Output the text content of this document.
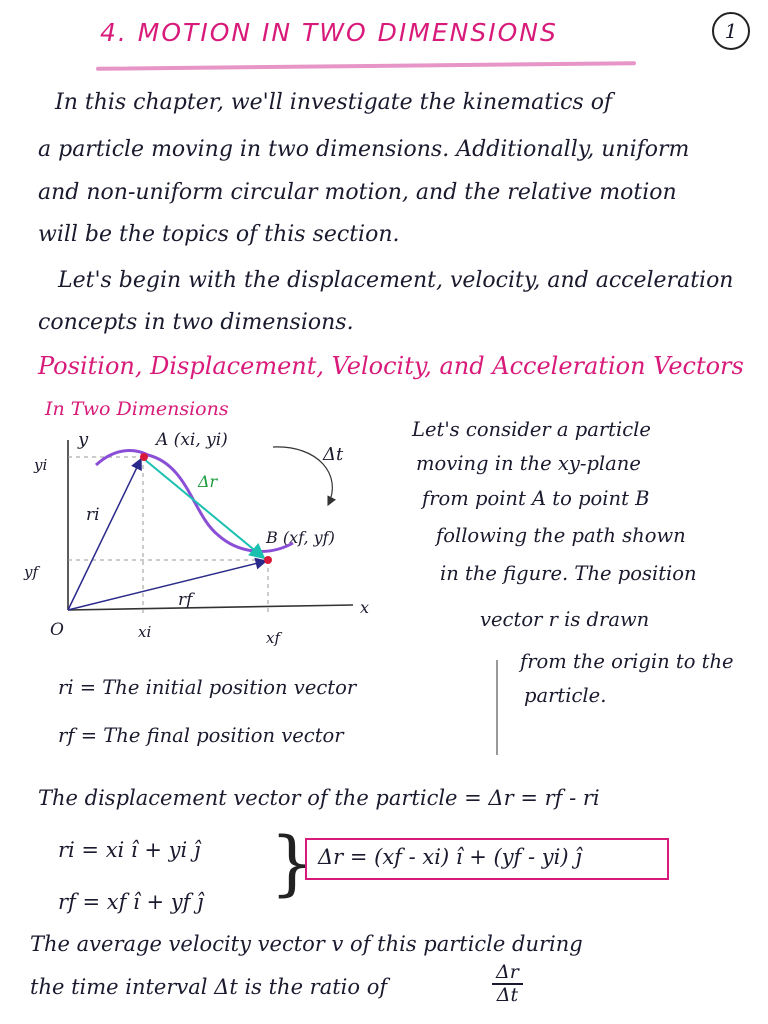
4. MOTION IN TWO DIMENSIONS	1
In this chapter, we'll investigate the kinematics of
a particle moving in two dimensions. Additionally, uniform
and non-uniform circular motion, and the relative motion
will be the topics of this section.
Let's begin with the displacement, velocity, and acceleration
concepts in two dimensions.
Position, Displacement, Velocity, and Acceleration Vectors
In Two Dimensions
y
x
O
yi
yf
xi	xf
A (xi, yi)
B (xf, yf)
Δt
Δr
ri
rf
Let's consider a particle
moving in the xy-plane
from point A to point B
following the path shown
in the figure. The position
vector r is drawn
from the origin to the
particle.
ri = The initial position vector
rf = The final position vector
The displacement vector of the particle = Δr = rf - ri
ri = xi î + yi ĵ
rf = xf î + yf ĵ } Δr = (xf - xi) î + (yf - yi) ĵ
The average velocity vector v of this particle during
the time interval Δt is the ratio of	$\frac{\Delta r}{\Delta t}$
